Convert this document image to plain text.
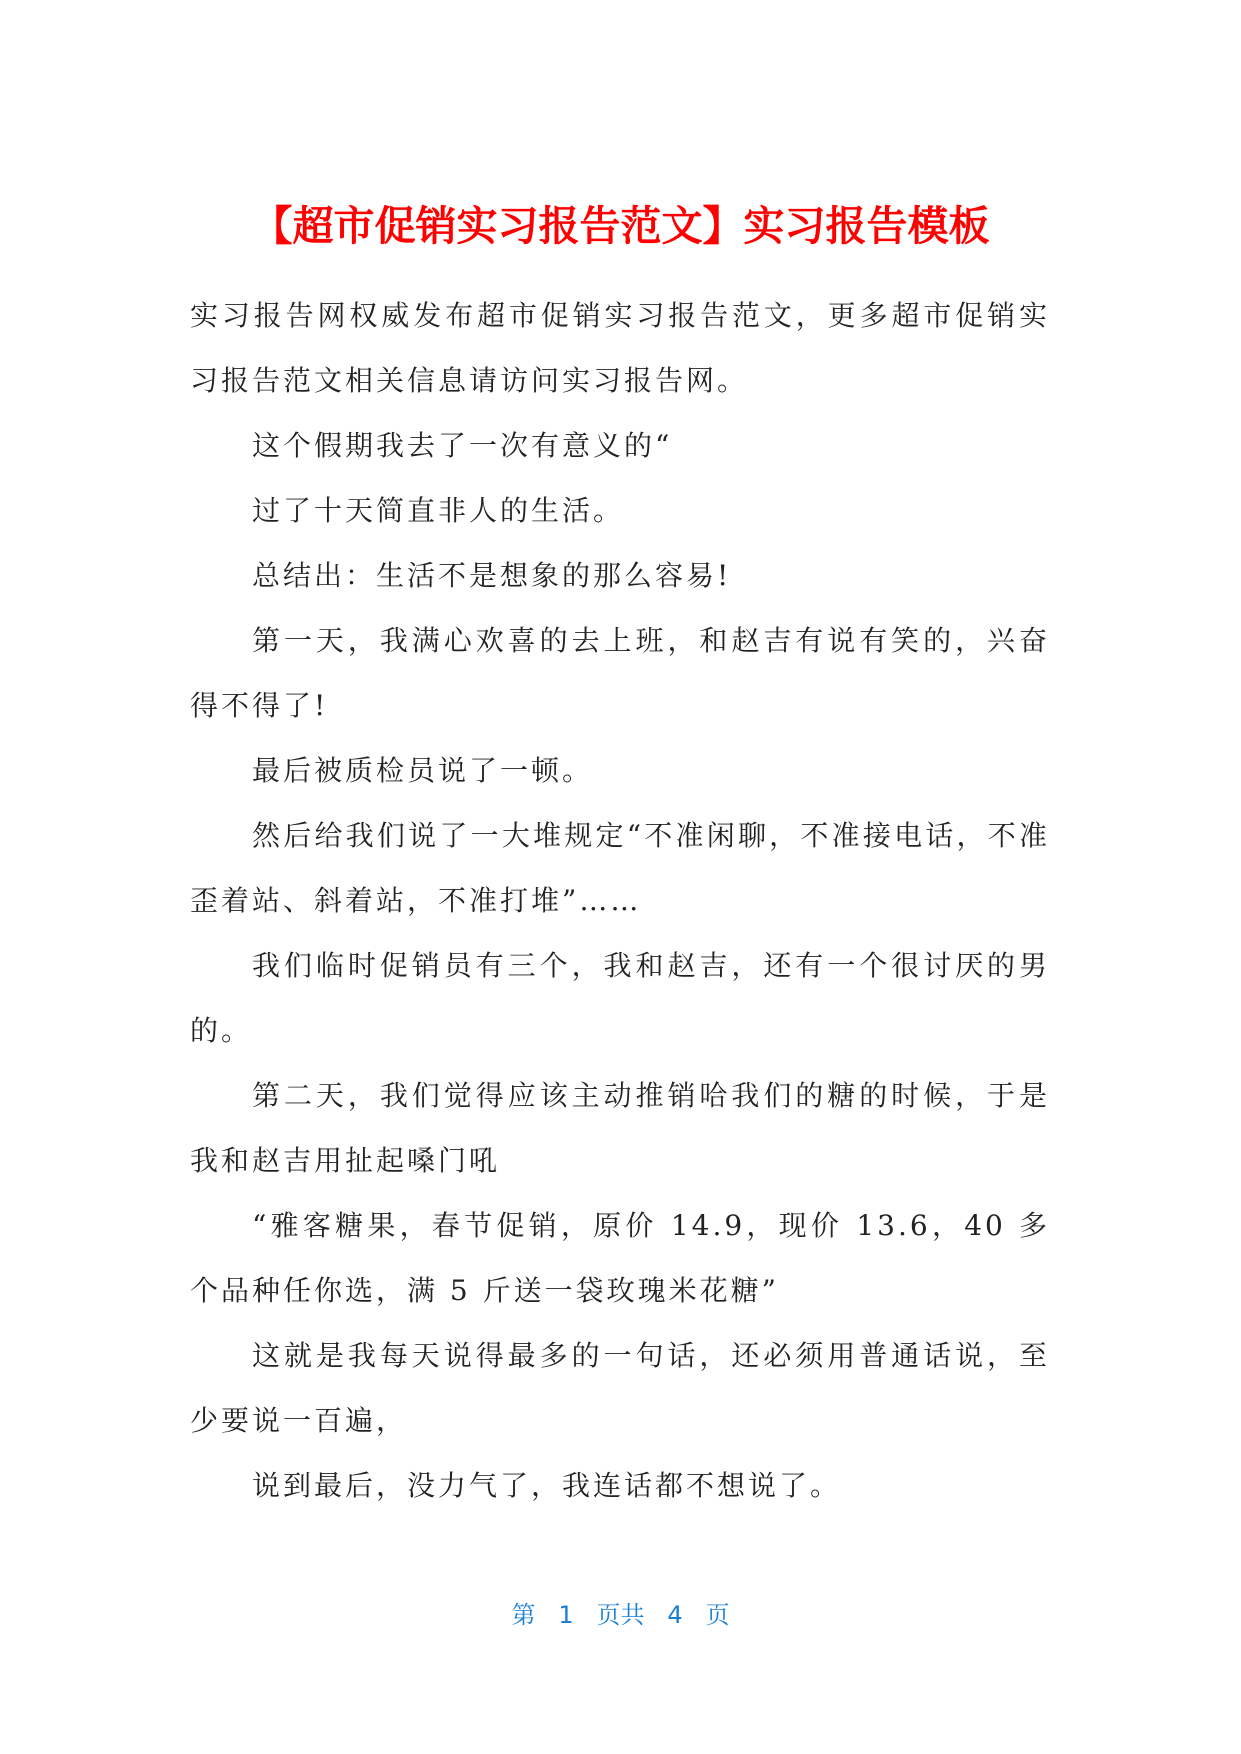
【超市促销实习报告范文】实习报告模板

实习报告网权威发布超市促销实习报告范文，更多超市促销实习报告范文相关信息请访问实习报告网。

这个假期我去了一次有意义的“

过了十天简直非人的生活。

总结出：生活不是想象的那么容易!

第一天，我满心欢喜的去上班，和赵吉有说有笑的，兴奋得不得了!

最后被质检员说了一顿。

然后给我们说了一大堆规定“不准闲聊，不准接电话，不准歪着站、斜着站，不准打堆”……

我们临时促销员有三个，我和赵吉，还有一个很讨厌的男的。

第二天，我们觉得应该主动推销哈我们的糖的时候，于是我和赵吉用扯起嗓门吼

“雅客糖果，春节促销，原价 14.9，现价 13.6，40 多个品种任你选，满 5 斤送一袋玫瑰米花糖”

这就是我每天说得最多的一句话，还必须用普通话说，至少要说一百遍，

说到最后，没力气了，我连话都不想说了。

第 1 页共 4 页
